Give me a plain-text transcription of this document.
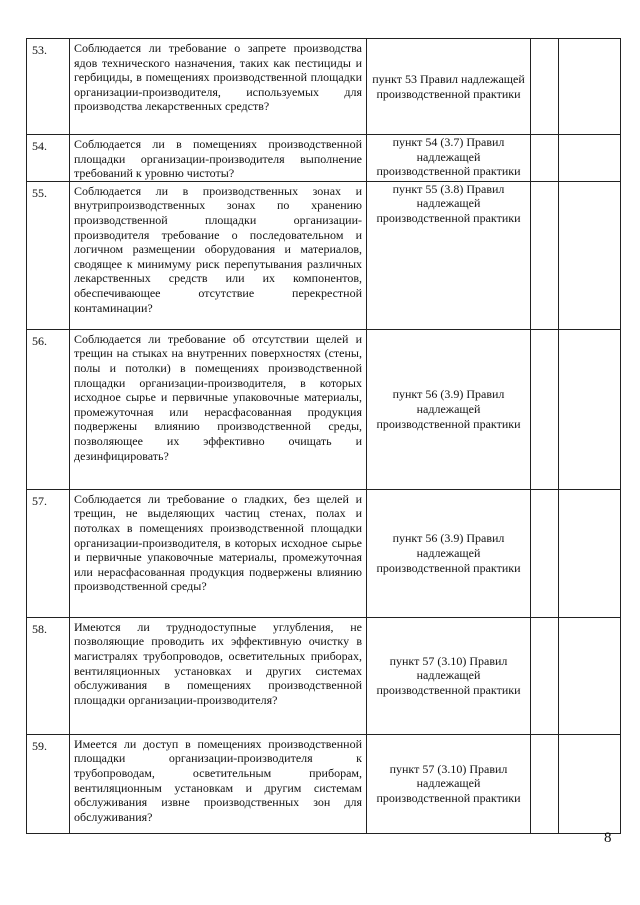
53.	Соблюдается ли требование о запрете производства ядов технического назначения, таких как пестициды и гербициды, в помещениях производственной площадки организации-производителя, используемых для производства лекарственных средств?	пункт 53 Правил надлежащей производственной практики		
54.	Соблюдается ли в помещениях производственной площадки организации-производителя выполнение требований к уровню чистоты?	пункт 54 (3.7) Правил надлежащей производственной практики		
55.	Соблюдается ли в производственных зонах и внутрипроизводственных зонах по хранению производственной площадки организации-производителя требование о последовательном и логичном размещении оборудования и материалов, сводящее к минимуму риск перепутывания различных лекарственных средств или их компонентов, обеспечивающее отсутствие перекрестной контаминации?	пункт 55 (3.8) Правил надлежащей производственной практики		
56.	Соблюдается ли требование об отсутствии щелей и трещин на стыках на внутренних поверхностях (стены, полы и потолки) в помещениях производственной площадки организации-производителя, в которых исходное сырье и первичные упаковочные материалы, промежуточная или нерасфасованная продукция подвержены влиянию производственной среды, позволяющее их эффективно очищать и дезинфицировать?	пункт 56 (3.9) Правил надлежащей производственной практики		
57.	Соблюдается ли требование о гладких, без щелей и трещин, не выделяющих частиц стенах, полах и потолках в помещениях производственной площадки организации-производителя, в которых исходное сырье и первичные упаковочные материалы, промежуточная или нерасфасованная продукция подвержены влиянию производственной среды?	пункт 56 (3.9) Правил надлежащей производственной практики		
58.	Имеются ли труднодоступные углубления, не позволяющие проводить их эффективную очистку в магистралях трубопроводов, осветительных приборах, вентиляционных установках и других системах обслуживания в помещениях производственной площадки организации-производителя?	пункт 57 (3.10) Правил надлежащей производственной практики		
59.	Имеется ли доступ в помещениях производственной площадки организации-производителя к трубопроводам, осветительным приборам, вентиляционным установкам и другим системам обслуживания извне производственных зон для обслуживания?	пункт 57 (3.10) Правил надлежащей производственной практики		
8
